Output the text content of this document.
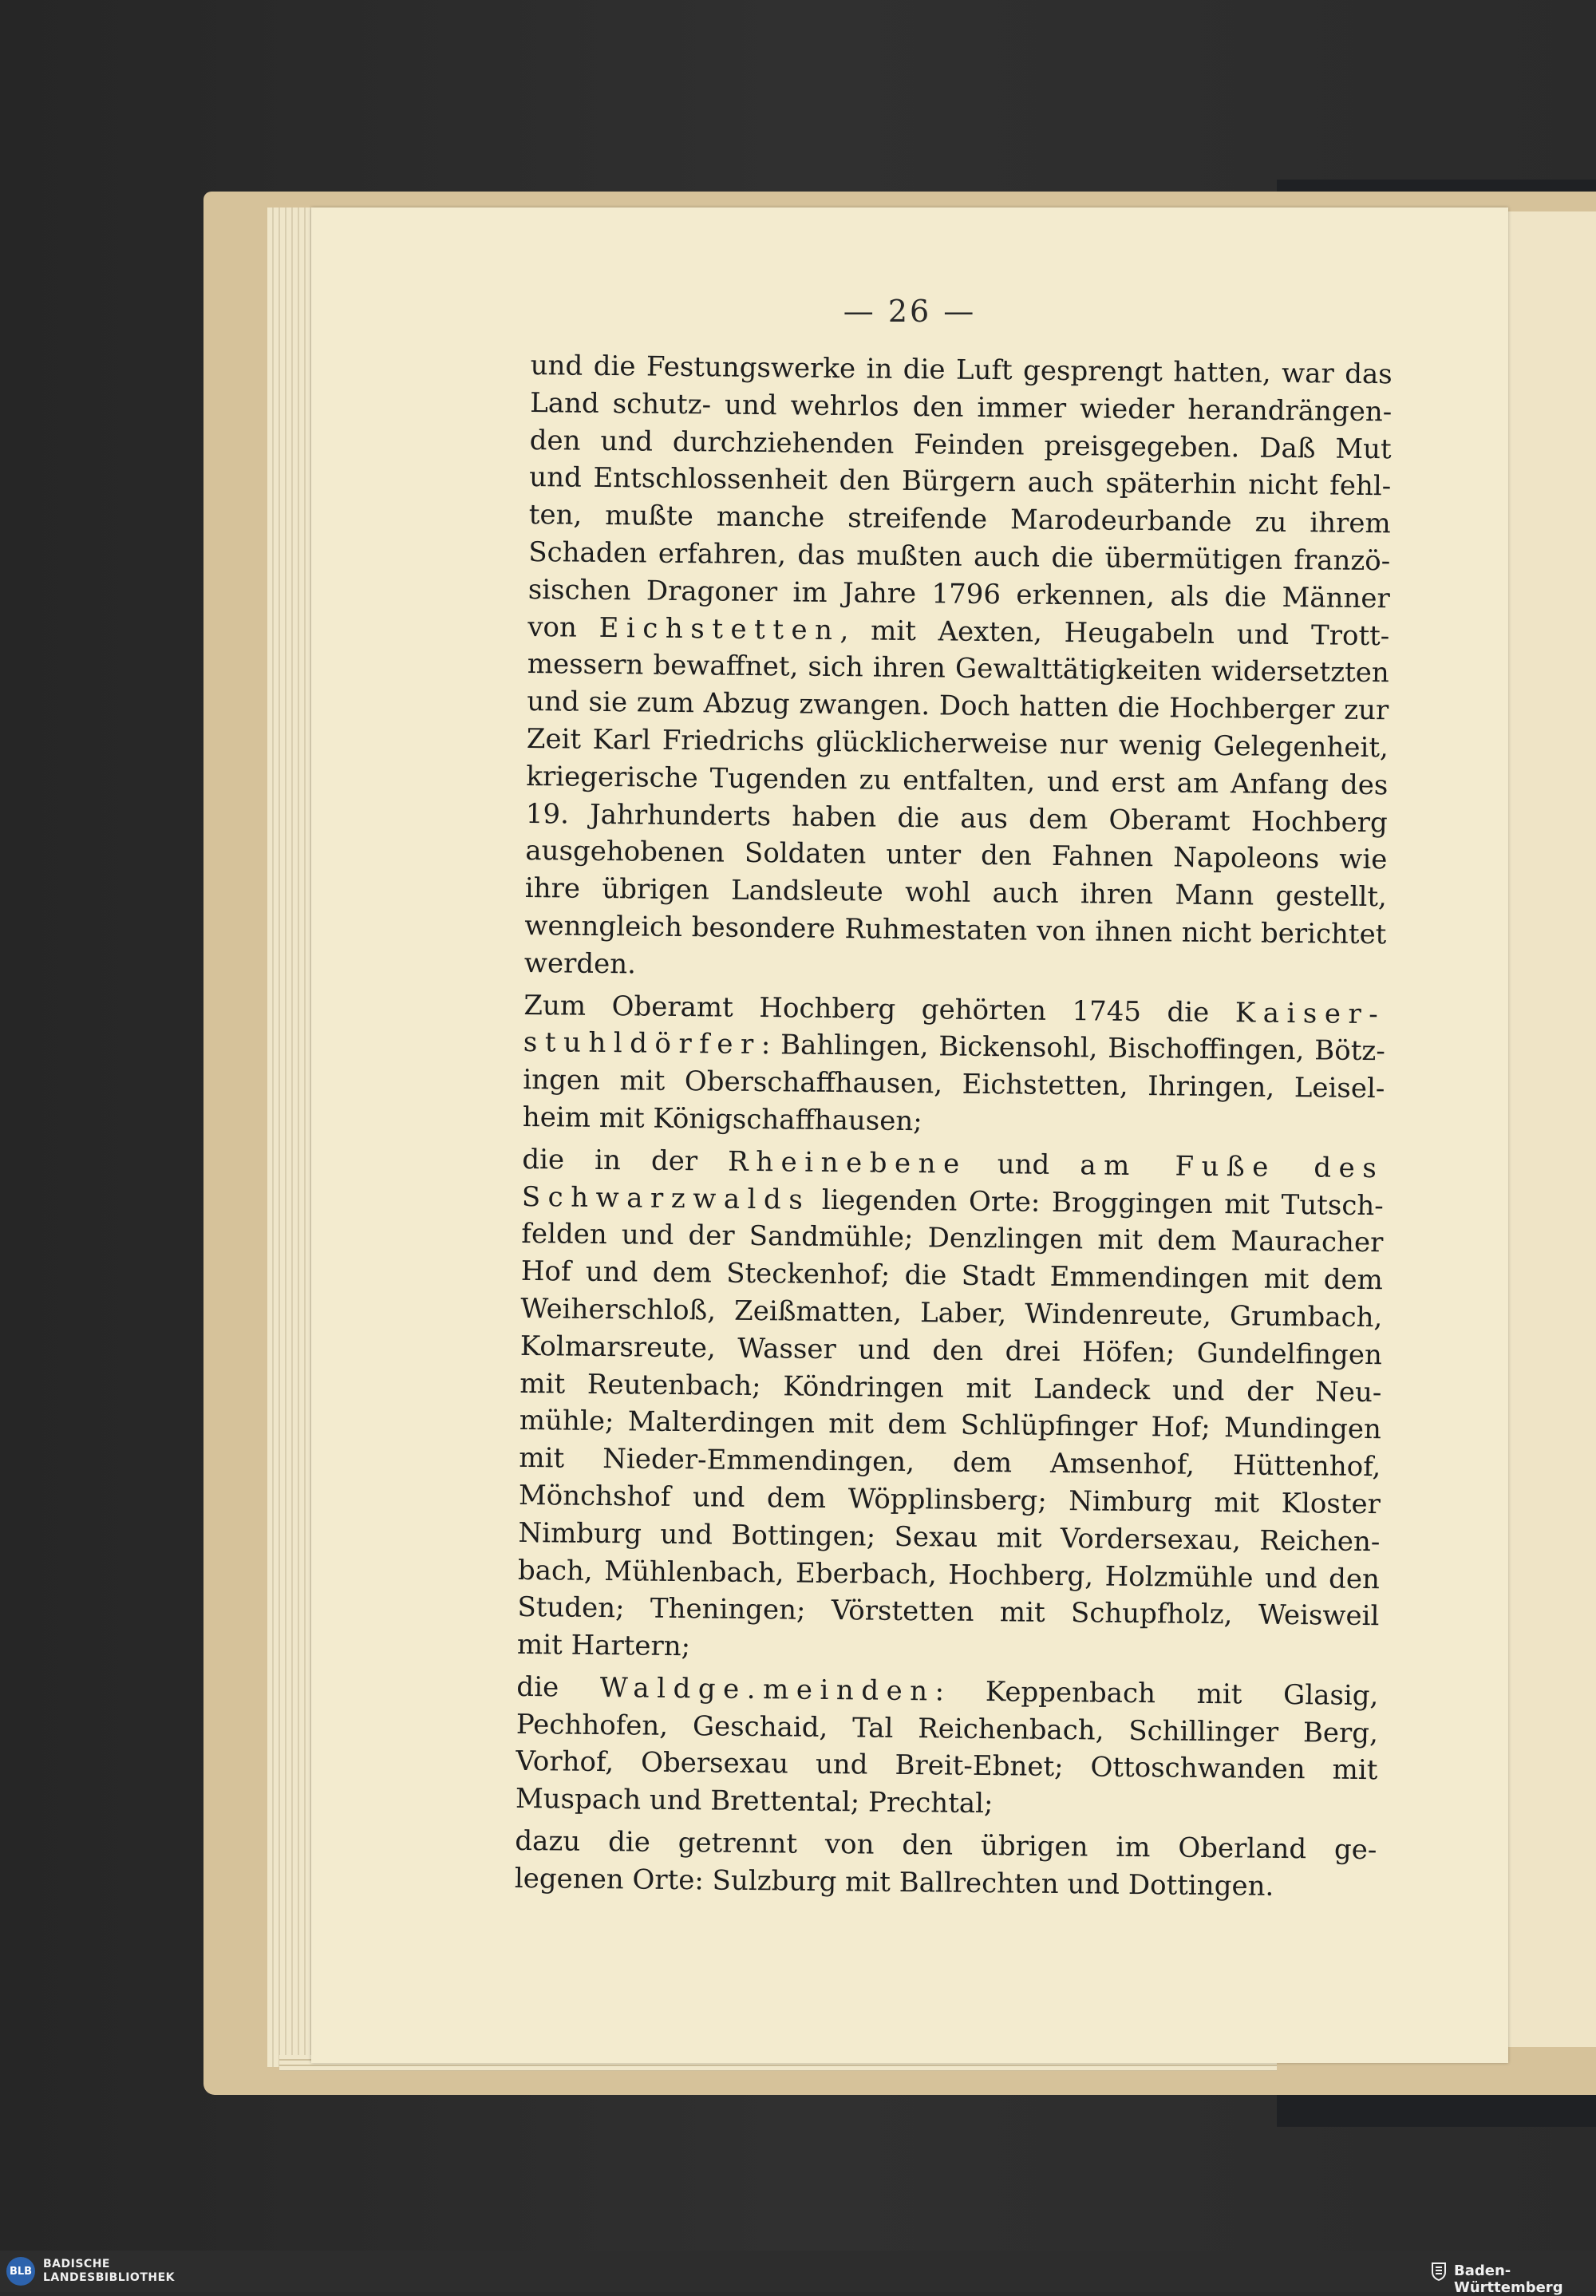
— 26 —

und die Festungswerke in die Luft gesprengt hatten, war das

Land schutz- und wehrlos den immer wieder herandrängen-

den und durchziehenden Feinden preisgegeben. Daß Mut

und Entschlossenheit den Bürgern auch späterhin nicht fehl-

ten, mußte manche streifende Marodeurbande zu ihrem

Schaden erfahren, das mußten auch die übermütigen franzö-

sischen Dragoner im Jahre 1796 erkennen, als die Männer

von Eichstetten, mit Aexten, Heugabeln und Trott-

messern bewaffnet, sich ihren Gewalttätigkeiten widersetzten

und sie zum Abzug zwangen. Doch hatten die Hochberger zur

Zeit Karl Friedrichs glücklicherweise nur wenig Gelegenheit,

kriegerische Tugenden zu entfalten, und erst am Anfang des

19. Jahrhunderts haben die aus dem Oberamt Hochberg

ausgehobenen Soldaten unter den Fahnen Napoleons wie

ihre übrigen Landsleute wohl auch ihren Mann gestellt,

wenngleich besondere Ruhmestaten von ihnen nicht berichtet

werden.

Zum Oberamt Hochberg gehörten 1745 die Kaiser-

stuhldörfer: Bahlingen, Bickensohl, Bischoffingen, Bötz-

ingen mit Oberschaffhausen, Eichstetten, Ihringen, Leisel-

heim mit Königschaffhausen;

die in der Rheinebene und am Fuße des

Schwarzwalds liegenden Orte: Broggingen mit Tutsch-

felden und der Sandmühle; Denzlingen mit dem Mauracher

Hof und dem Steckenhof; die Stadt Emmendingen mit dem

Weiherschloß, Zeißmatten, Laber, Windenreute, Grumbach,

Kolmarsreute, Wasser und den drei Höfen; Gundelfingen

mit Reutenbach; Köndringen mit Landeck und der Neu-

mühle; Malterdingen mit dem Schlüpfinger Hof; Mundingen

mit Nieder-Emmendingen, dem Amsenhof, Hüttenhof,

Mönchshof und dem Wöpplinsberg; Nimburg mit Kloster

Nimburg und Bottingen; Sexau mit Vordersexau, Reichen-

bach, Mühlenbach, Eberbach, Hochberg, Holzmühle und den

Studen; Theningen; Vörstetten mit Schupfholz, Weisweil

mit Hartern;

die Waldge.meinden: Keppenbach mit Glasig,

Pechhofen, Geschaid, Tal Reichenbach, Schillinger Berg,

Vorhof, Obersexau und Breit-Ebnet; Ottoschwanden mit

Muspach und Brettental; Prechtal;

dazu die getrennt von den übrigen im Oberland ge-

legenen Orte: Sulzburg mit Ballrechten und Dottingen.

BLB
BADISCHE
LANDESBIBLIOTHEK	Baden-Württemberg
